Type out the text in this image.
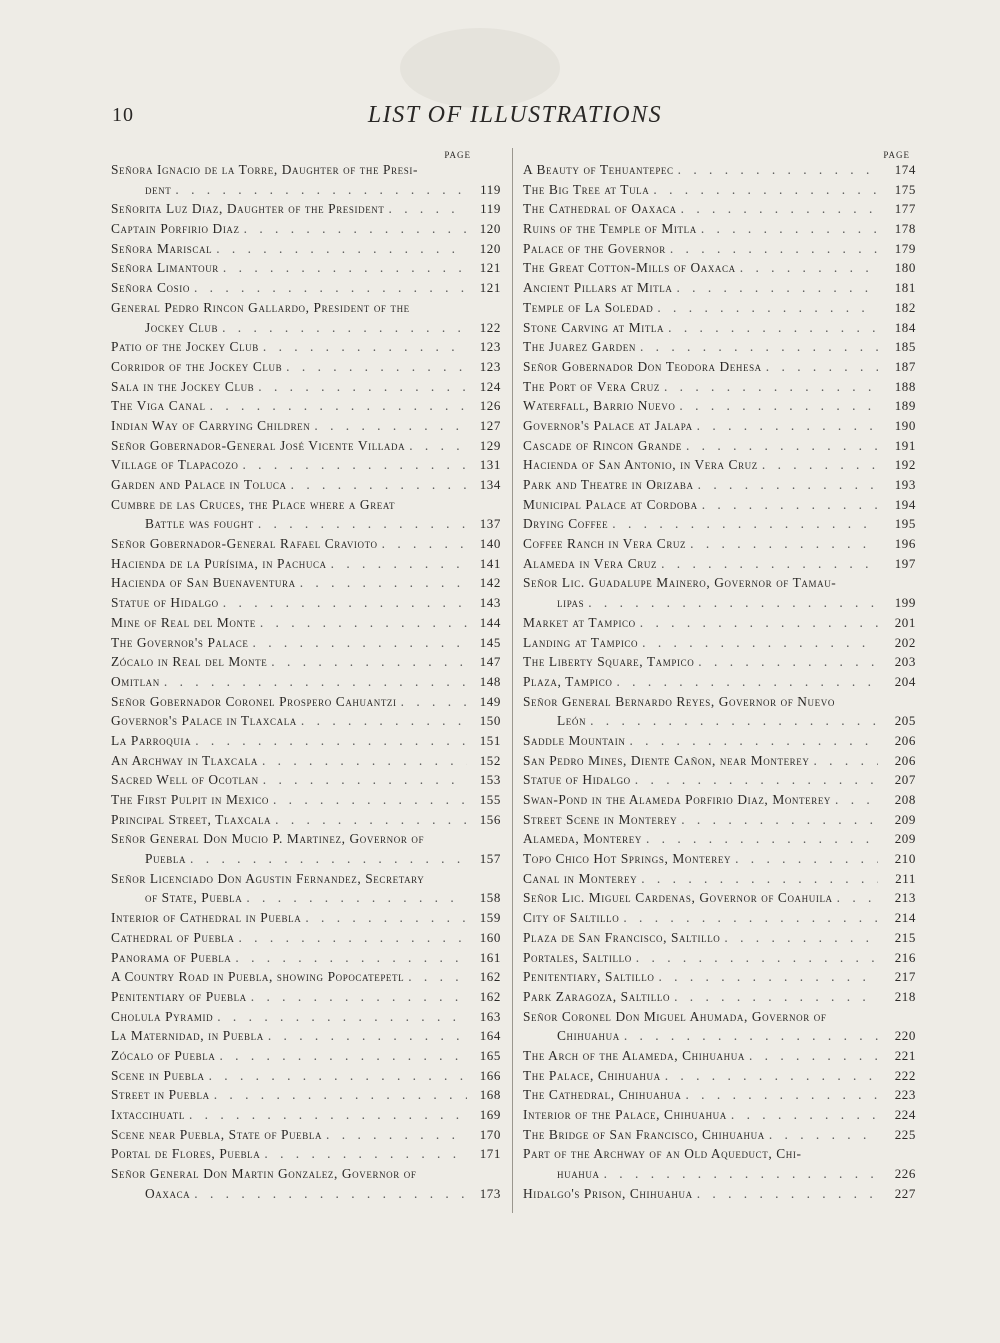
10	LIST OF ILLUSTRATIONS
PAGE
Señora Ignacio de la Torre, Daughter of the Presi-
dent . . .	119
Señorita Luz Diaz, Daughter of the President . . .	119
Captain Porfirio Diaz . . .	120
Señora Mariscal . . .	120
Señora Limantour . . .	121
Señora Cosio . . .	121
General Pedro Rincon Gallardo, President of the
Jockey Club . . .	122
Patio of the Jockey Club . . .	123
Corridor of the Jockey Club . . .	123
Sala in the Jockey Club . . .	124
The Viga Canal . . .	126
Indian Way of Carrying Children . . .	127
Señor Gobernador-General José Vicente Villada . . .	129
Village of Tlapacozo . . .	131
Garden and Palace in Toluca . . .	134
Cumbre de las Cruces, the Place where a Great
Battle was fought . . .	137
Señor Gobernador-General Rafael Cravioto . . .	140
Hacienda de la Purísima, in Pachuca . . .	141
Hacienda of San Buenaventura . . .	142
Statue of Hidalgo . . .	143
Mine of Real del Monte . . .	144
The Governor's Palace . . .	145
Zócalo in Real del Monte . . .	147
Omitlan . . .	148
Señor Gobernador Coronel Prospero Cahuantzi . . .	149
Governor's Palace in Tlaxcala . . .	150
La Parroquia . . .	151
An Archway in Tlaxcala . . .	152
Sacred Well of Ocotlan . . .	153
The First Pulpit in Mexico . . .	155
Principal Street, Tlaxcala . . .	156
Señor General Don Mucio P. Martinez, Governor of
Puebla . . .	157
Señor Licenciado Don Agustin Fernandez, Secretary
of State, Puebla . . .	158
Interior of Cathedral in Puebla . . .	159
Cathedral of Puebla . . .	160
Panorama of Puebla . . .	161
A Country Road in Puebla, showing Popocatepetl . . .	162
Penitentiary of Puebla . . .	162
Cholula Pyramid . . .	163
La Maternidad, in Puebla . . .	164
Zócalo of Puebla . . .	165
Scene in Puebla . . .	166
Street in Puebla . . .	168
Ixtaccihuatl . . .	169
Scene near Puebla, State of Puebla . . .	170
Portal de Flores, Puebla . . .	171
Señor General Don Martin Gonzalez, Governor of
Oaxaca . . .	173
PAGE
A Beauty of Tehuantepec . . .	174
The Big Tree at Tula . . .	175
The Cathedral of Oaxaca . . .	177
Ruins of the Temple of Mitla . . .	178
Palace of the Governor . . .	179
The Great Cotton-Mills of Oaxaca . . .	180
Ancient Pillars at Mitla . . .	181
Temple of La Soledad . . .	182
Stone Carving at Mitla . . .	184
The Juarez Garden . . .	185
Señor Gobernador Don Teodora Dehesa . . .	187
The Port of Vera Cruz . . .	188
Waterfall, Barrio Nuevo . . .	189
Governor's Palace at Jalapa . . .	190
Cascade of Rincon Grande . . .	191
Hacienda of San Antonio, in Vera Cruz . . .	192
Park and Theatre in Orizaba . . .	193
Municipal Palace at Cordoba . . .	194
Drying Coffee . . .	195
Coffee Ranch in Vera Cruz . . .	196
Alameda in Vera Cruz . . .	197
Señor Lic. Guadalupe Mainero, Governor of Tamau-
lipas . . .	199
Market at Tampico . . .	201
Landing at Tampico . . .	202
The Liberty Square, Tampico . . .	203
Plaza, Tampico . . .	204
Señor General Bernardo Reyes, Governor of Nuevo
León . . .	205
Saddle Mountain . . .	206
San Pedro Mines, Diente Cañon, near Monterey . . .	206
Statue of Hidalgo . . .	207
Swan-Pond in the Alameda Porfirio Diaz, Monterey . . .	208
Street Scene in Monterey . . .	209
Alameda, Monterey . . .	209
Topo Chico Hot Springs, Monterey . . .	210
Canal in Monterey . . .	211
Señor Lic. Miguel Cardenas, Governor of Coahuila . . .	213
City of Saltillo . . .	214
Plaza de San Francisco, Saltillo . . .	215
Portales, Saltillo . . .	216
Penitentiary, Saltillo . . .	217
Park Zaragoza, Saltillo . . .	218
Señor Coronel Don Miguel Ahumada, Governor of
Chihuahua . . .	220
The Arch of the Alameda, Chihuahua . . .	221
The Palace, Chihuahua . . .	222
The Cathedral, Chihuahua . . .	223
Interior of the Palace, Chihuahua . . .	224
The Bridge of San Francisco, Chihuahua . . .	225
Part of the Archway of an Old Aqueduct, Chi-
huahua . . .	226
Hidalgo's Prison, Chihuahua . . .	227
